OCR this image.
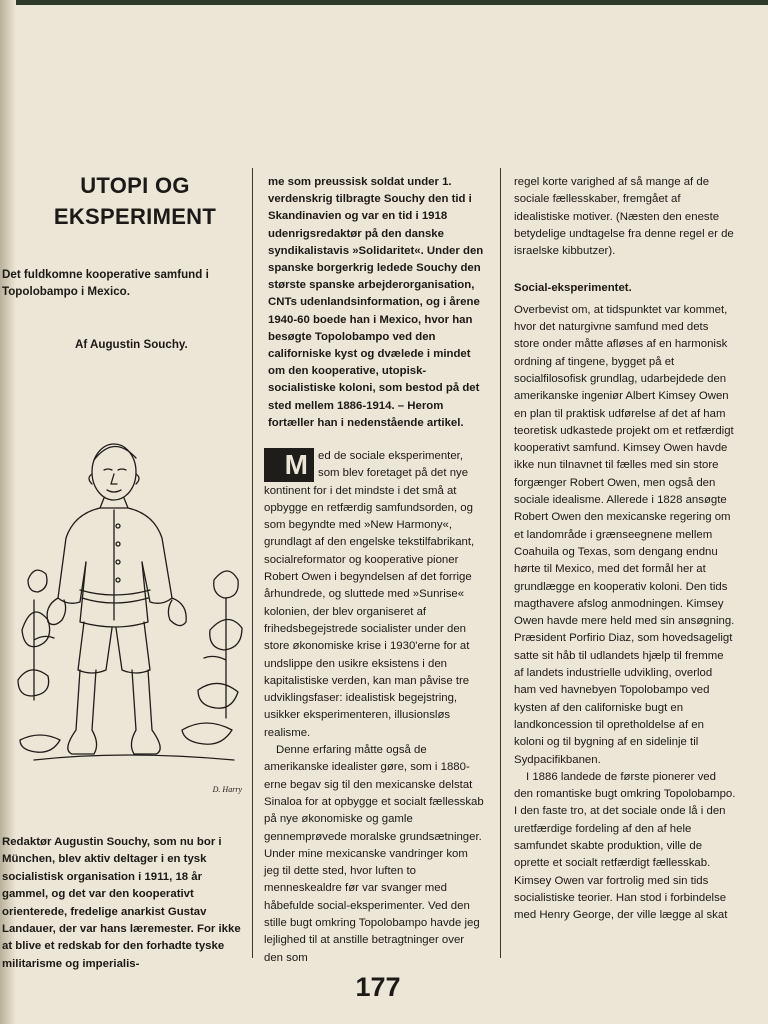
UTOPI OG EKSPERIMENT

Det fuldkomne kooperative samfund i Topolobampo i Mexico.

Af Augustin Souchy.

D. Harry

Redaktør Augustin Souchy, som nu bor i München, blev aktiv deltager i en tysk socialistisk organisation i 1911, 18 år gammel, og det var den kooperativt orienterede, fredelige anarkist Gustav Landauer, der var hans læremester. For ikke at blive et redskab for den forhadte tyske militarisme og imperialis-

me som preussisk soldat under 1. verdenskrig tilbragte Souchy den tid i Skandinavien og var en tid i 1918 udenrigsredaktør på den danske syndikalistavis »Solidaritet«. Under den spanske borgerkrig ledede Souchy den største spanske arbejderorganisation, CNTs udenlandsinformation, og i årene 1940-60 boede han i Mexico, hvor han besøgte Topolobampo ved den californiske kyst og dvælede i mindet om den kooperative, utopisk-socialistiske koloni, som bestod på det sted mellem 1886-1914. – Herom fortæller han i nedenstående artikel.

M ed de sociale eksperimenter, som blev foretaget på det nye kontinent for i det mindste i det små at opbygge en retfærdig samfundsorden, og som begyndte med »New Harmony«, grundlagt af den engelske tekstilfabrikant, socialreformator og kooperative pioner Robert Owen i begyndelsen af det forrige århundrede, og sluttede med »Sunrise« kolonien, der blev organiseret af frihedsbegejstrede socialister under den store økonomiske krise i 1930'erne for at undslippe den usikre eksistens i den kapitalistiske verden, kan man påvise tre udviklingsfaser: idealistisk begejstring, usikker eksperimenteren, illusionsløs realisme.

Denne erfaring måtte også de amerikanske idealister gøre, som i 1880-erne begav sig til den mexicanske delstat Sinaloa for at opbygge et socialt fællesskab på nye økonomiske og gamle gennemprøvede moralske grundsætninger. Under mine mexicanske vandringer kom jeg til dette sted, hvor luften to menneskealdre før var svanger med håbefulde social-eksperimenter. Ved den stille bugt omkring Topolobampo havde jeg lejlighed til at anstille betragtninger over den som

regel korte varighed af så mange af de sociale fællesskaber, fremgået af idealistiske motiver. (Næsten den eneste betydelige undtagelse fra denne regel er de israelske kibbutzer).

Social-eksperimentet.

Overbevist om, at tidspunktet var kommet, hvor det naturgivne samfund med dets store onder måtte afløses af en harmonisk ordning af tingene, bygget på et socialfilosofisk grundlag, udarbejdede den amerikanske ingeniør Albert Kimsey Owen en plan til praktisk udførelse af det af ham teoretisk udkastede projekt om et retfærdigt kooperativt samfund. Kimsey Owen havde ikke nun tilnavnet til fælles med sin store forgænger Robert Owen, men også den sociale idealisme. Allerede i 1828 ansøgte Robert Owen den mexicanske regering om et landområde i grænseegnene mellem Coahuila og Texas, som dengang endnu hørte til Mexico, med det formål her at grundlægge en kooperativ koloni. Den tids magthavere afslog anmodningen. Kimsey Owen havde mere held med sin ansøgning. Præsident Porfirio Diaz, som hovedsageligt satte sit håb til udlandets hjælp til fremme af landets industrielle udvikling, overlod ham ved havnebyen Topolobampo ved kysten af den californiske bugt en landkoncession til opretholdelse af en koloni og til bygning af en sidelinje til Sydpacifikbanen.

I 1886 landede de første pionerer ved den romantiske bugt omkring Topolobampo. I den faste tro, at det sociale onde lå i den uretfærdige fordeling af den af hele samfundet skabte produktion, ville de oprette et socialt retfærdigt fællesskab. Kimsey Owen var fortrolig med sin tids socialistiske teorier. Han stod i forbindelse med Henry George, der ville lægge al skat

177
